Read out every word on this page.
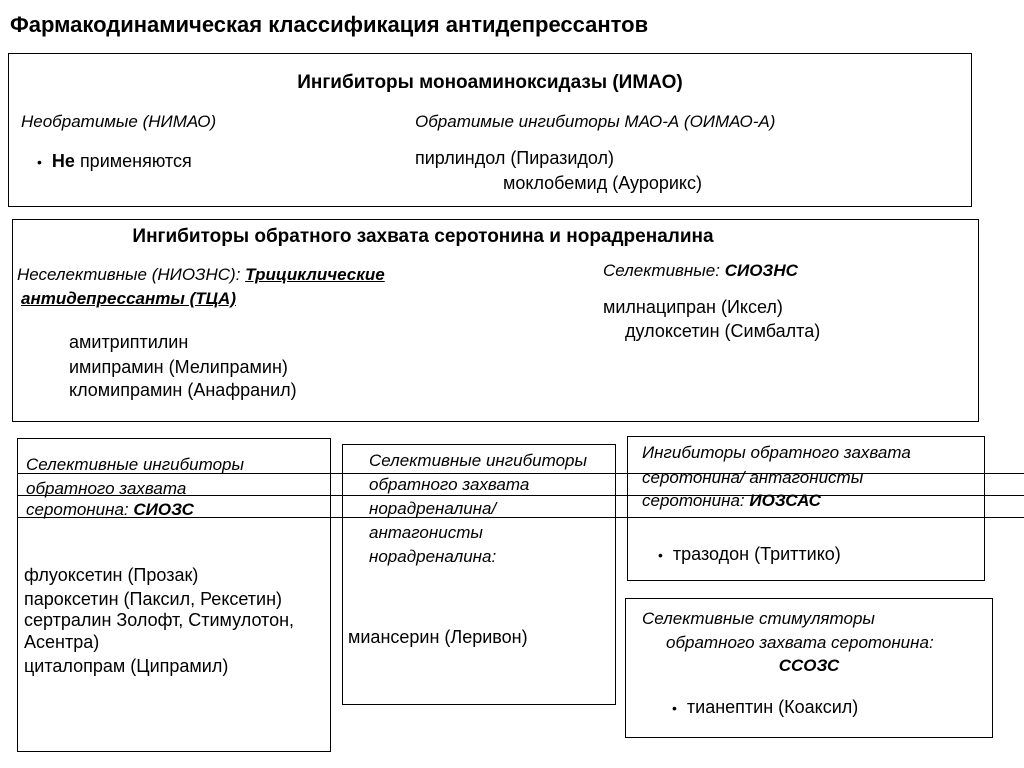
Фармакодинамическая классификация антидепрессантов
Ингибиторы моноаминоксидазы (ИМАО)
Необратимые (НИМАО)
• Не применяются
Обратимые ингибиторы МАО-А (ОИМАО-А)
пирлиндол (Пиразидол)
моклобемид (Аурорикс)
Ингибиторы обратного захвата серотонина и норадреналина
Неселективные (НИОЗНС): Трициклические
антидепрессанты (ТЦА)
амитриптилин
имипрамин (Мелипрамин)
кломипрамин (Анафранил)
Селективные: СИОЗНС
милнаципран (Иксел)
дулоксетин (Симбалта)
Селективные ингибиторы
обратного захвата
серотонина: СИОЗС
флуоксетин (Прозак)
пароксетин (Паксил, Рексетин)
сертралин Золофт, Стимулотон,
Асентра)
циталопрам (Ципрамил)
Селективные ингибиторы
обратного захвата
норадреналина/
антагонисты
норадреналина:
миансерин (Леривон)
Ингибиторы обратного захвата
серотонина/ антагонисты
серотонина: ИОЗСАС
• тразодон (Триттико)
Селективные стимуляторы
обратного захвата серотонина:
ССОЗС
• тианептин (Коаксил)
